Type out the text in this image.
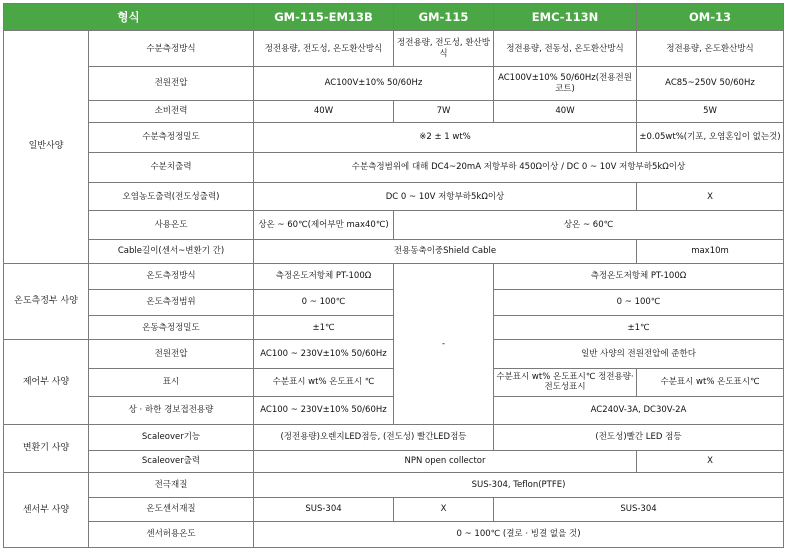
형식		GM-115-EM13B	GM-115	EMC-113N	OM-13
일반사양	수분측정방식	정전용량, 전도성, 온도환산방식	정전용량, 전도성, 환산방식	정전용량, 전동성, 온도환산방식	정전용량, 온도환산방식
	전원전압	AC100V±10% 50/60Hz		AC100V±10% 50/60Hz(전용전원코트)	AC85~250V 50/60Hz
	소비전력	40W	7W	40W	5W
	수분측정정밀도	※2 ± 1 wt%			±0.05wt%(기포, 오염혼입이 없는것)
	수분치출력	수분측정범위에 대해 DC4~20mA 저항부하 450Ω이상 / DC 0 ~ 10V 저항부하5kΩ이상			
	오염농도출력(전도성출력)	DC 0 ~ 10V 저항부하5kΩ이상			X
	사용온도	상온 ~ 60℃(제어부만 max40℃)	상온 ~ 60℃		
	Cable길이(센서~변환기 간)	전용동축이중Shield Cable			max10m
온도측정부 사양	온도측정방식	측정온도저항체 PT-100Ω	-	측정온도저항체 PT-100Ω	
	온도측정범위	0 ~ 100℃		0 ~ 100℃	
	온동측정정밀도	±1℃		±1℃	
제어부 사양	전원전압	AC100 ~ 230V±10% 50/60Hz		일반 사양의 전원전압에 준한다	
	표시	수분표시 wt% 온도표시 ℃		수분표시 wt% 온도표시℃ 정전용량·전도성표시	수분표시 wt% 온도표시℃
	상 · 하한 경보접전용량	AC100 ~ 230V±10% 50/60Hz		AC240V-3A, DC30V-2A	
변환기 사양	Scaleover기능	(정전용량)오렌지LED점등, (전도성) 빨간LED점등		(전도성)빨간 LED 점등	
	Scaleover출력	NPN open collector			X
센서부 사양	전극재질	SUS-304, Teflon(PTFE)			
	온도센서재질	SUS-304	X	SUS-304	
	센서허용온도	0 ~ 100℃ (결로 · 빙결 없을 것)			
